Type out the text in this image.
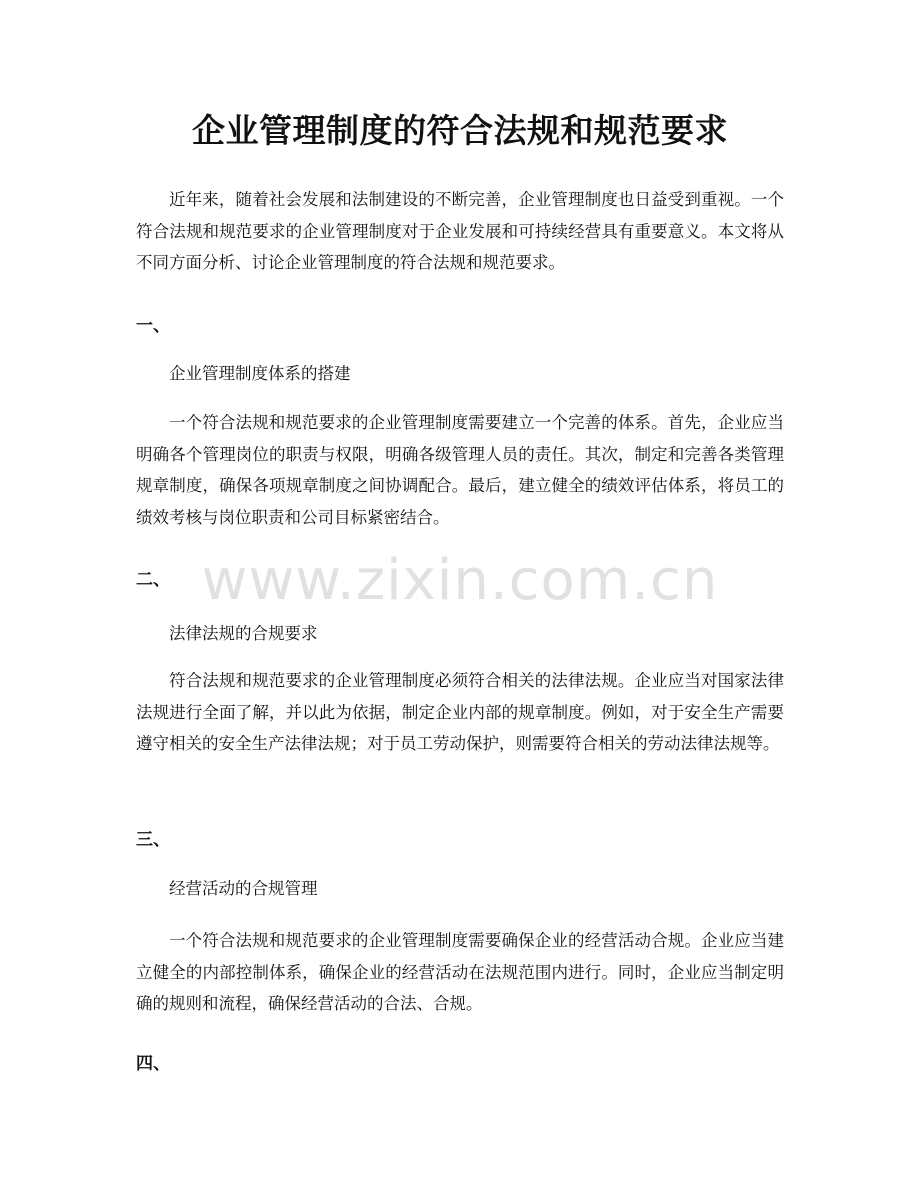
企业管理制度的符合法规和规范要求

近年来，随着社会发展和法制建设的不断完善，企业管理制度也日益受到重视。一个符合法规和规范要求的企业管理制度对于企业发展和可持续经营具有重要意义。本文将从不同方面分析、讨论企业管理制度的符合法规和规范要求。

一、
企业管理制度体系的搭建

一个符合法规和规范要求的企业管理制度需要建立一个完善的体系。首先，企业应当明确各个管理岗位的职责与权限，明确各级管理人员的责任。其次，制定和完善各类管理规章制度，确保各项规章制度之间协调配合。最后，建立健全的绩效评估体系，将员工的绩效考核与岗位职责和公司目标紧密结合。

二、
法律法规的合规要求

符合法规和规范要求的企业管理制度必须符合相关的法律法规。企业应当对国家法律法规进行全面了解，并以此为依据，制定企业内部的规章制度。例如，对于安全生产需要遵守相关的安全生产法律法规；对于员工劳动保护，则需要符合相关的劳动法律法规等。

三、
经营活动的合规管理

一个符合法规和规范要求的企业管理制度需要确保企业的经营活动合规。企业应当建立健全的内部控制体系，确保企业的经营活动在法规范围内进行。同时，企业应当制定明确的规则和流程，确保经营活动的合法、合规。

四、
www.zixin.com.cn
